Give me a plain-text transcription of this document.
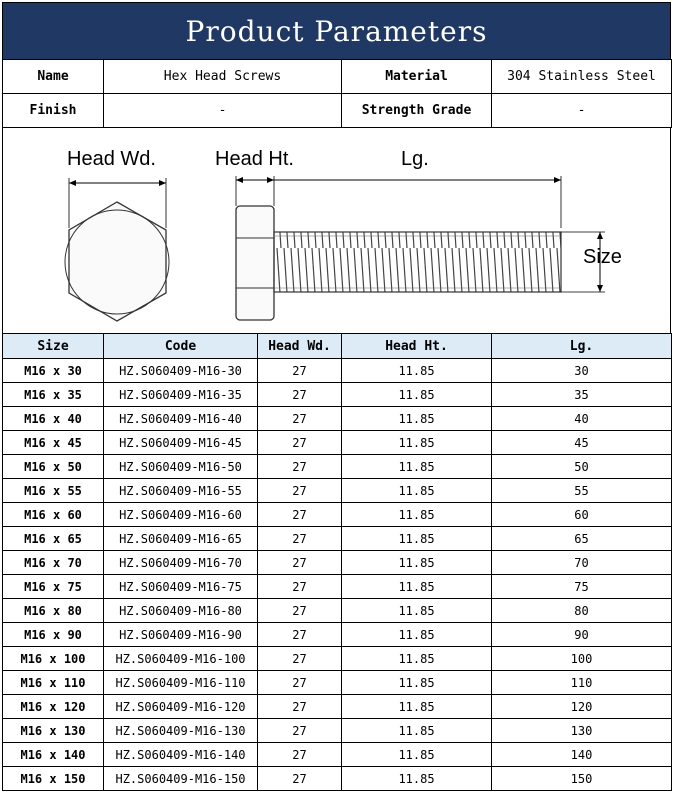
Product Parameters
Name	Hex Head Screws	Material	304 Stainless Steel
Finish	-	Strength Grade	-
Head Wd.	Head Ht.	Lg.
Size
Size	Code	Head Wd.	Head Ht.	Lg.
M16 x 30	HZ.S060409-M16-30	27	11.85	30
M16 x 35	HZ.S060409-M16-35	27	11.85	35
M16 x 40	HZ.S060409-M16-40	27	11.85	40
M16 x 45	HZ.S060409-M16-45	27	11.85	45
M16 x 50	HZ.S060409-M16-50	27	11.85	50
M16 x 55	HZ.S060409-M16-55	27	11.85	55
M16 x 60	HZ.S060409-M16-60	27	11.85	60
M16 x 65	HZ.S060409-M16-65	27	11.85	65
M16 x 70	HZ.S060409-M16-70	27	11.85	70
M16 x 75	HZ.S060409-M16-75	27	11.85	75
M16 x 80	HZ.S060409-M16-80	27	11.85	80
M16 x 90	HZ.S060409-M16-90	27	11.85	90
M16 x 100	HZ.S060409-M16-100	27	11.85	100
M16 x 110	HZ.S060409-M16-110	27	11.85	110
M16 x 120	HZ.S060409-M16-120	27	11.85	120
M16 x 130	HZ.S060409-M16-130	27	11.85	130
M16 x 140	HZ.S060409-M16-140	27	11.85	140
M16 x 150	HZ.S060409-M16-150	27	11.85	150
